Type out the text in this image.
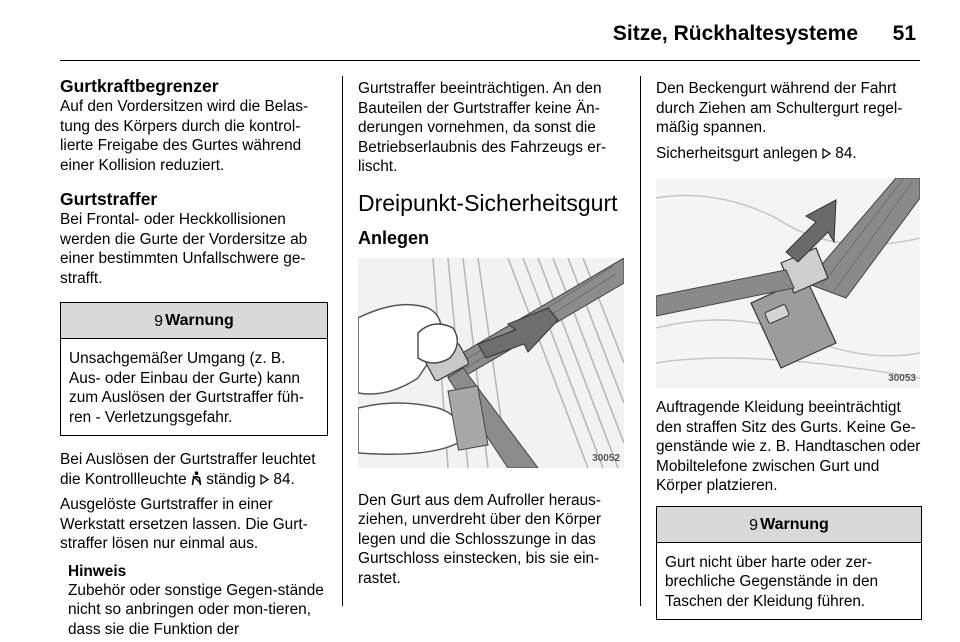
Sitze, Rückhaltesysteme 51
Gurtkraftbegrenzer
Auf den Vordersitzen wird die Belas-tung des Körpers durch die kontrol-lierte Freigabe des Gurtes während einer Kollision reduziert.
Gurtstraffer
Bei Frontal- oder Heckkollisionen werden die Gurte der Vordersitze ab einer bestimmten Unfallschwere ge-strafft.
9 Warnung
Unsachgemäßer Umgang (z. B. Aus- oder Einbau der Gurte) kann zum Auslösen der Gurtstraffer füh-ren - Verletzungsgefahr.
Bei Auslösen der Gurtstraffer leuchtet die Kontrollleuchte ständig 84.
Ausgelöste Gurtstraffer in einer Werkstatt ersetzen lassen. Die Gurt-straffer lösen nur einmal aus.
Hinweis
Zubehör oder sonstige Gegen-stände nicht so anbringen oder mon-tieren, dass sie die Funktion der
Gurtstraffer beeinträchtigen. An den Bauteilen der Gurtstraffer keine Än-derungen vornehmen, da sonst die Betriebserlaubnis des Fahrzeugs er-lischt.
Dreipunkt-Sicherheitsgurt
Anlegen
30052
Den Gurt aus dem Aufroller heraus-ziehen, unverdreht über den Körper legen und die Schlosszunge in das Gurtschloss einstecken, bis sie ein-rastet.
Den Beckengurt während der Fahrt durch Ziehen am Schultergurt regel-mäßig spannen.
Sicherheitsgurt anlegen 84.
30053
Auftragende Kleidung beeinträchtigt den straffen Sitz des Gurts. Keine Ge-genstände wie z. B. Handtaschen oder Mobiltelefone zwischen Gurt und Körper platzieren.
9 Warnung
Gurt nicht über harte oder zer-brechliche Gegenstände in den Taschen der Kleidung führen.
